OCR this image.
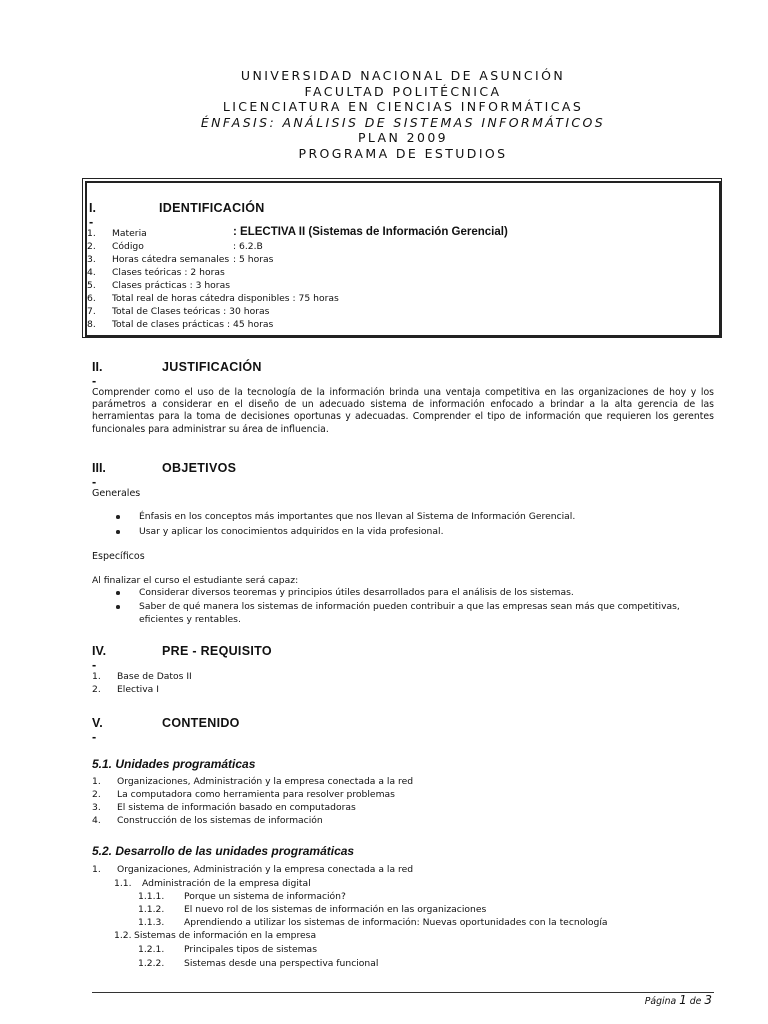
UNIVERSIDAD NACIONAL DE ASUNCIÓN
FACULTAD POLITÉCNICA
LICENCIATURA EN CIENCIAS INFORMÁTICAS
ÉNFASIS: ANÁLISIS DE SISTEMAS INFORMÁTICOS
PLAN 2009
PROGRAMA DE ESTUDIOS
I. -
IDENTIFICACIÓN
1. Materia	: ELECTIVA II (Sistemas de Información Gerencial)
2. Código	: 6.2.B
3. Horas cátedra semanales : 5 horas
4. Clases teóricas : 2 horas
5. Clases prácticas : 3 horas
6. Total real de horas cátedra disponibles : 75 horas
7. Total de Clases teóricas : 30 horas
8. Total de clases prácticas : 45 horas
II. -
JUSTIFICACIÓN
Comprender como el uso de la tecnología de la información brinda una ventaja competitiva en las organizaciones de hoy y los parámetros a considerar en el diseño de un adecuado sistema de información enfocado a brindar a la alta gerencia de las herramientas para la toma de decisiones oportunas y adecuadas. Comprender el tipo de información que requieren los gerentes funcionales para administrar su área de influencia.
III. -
OBJETIVOS
Generales
Énfasis en los conceptos más importantes que nos llevan al Sistema de Información Gerencial.
Usar y aplicar los conocimientos adquiridos en la vida profesional.
Específicos
Al finalizar el curso el estudiante será capaz:
Considerar diversos teoremas y principios útiles desarrollados para el análisis de los sistemas.
Saber de qué manera los sistemas de información pueden contribuir a que las empresas sean más que competitivas,
eficientes y rentables.
IV. -
PRE - REQUISITO
1. Base de Datos II
2. Electiva I
V. -
CONTENIDO
5.1. Unidades programáticas
1. Organizaciones, Administración y la empresa conectada a la red
2. La computadora como herramienta para resolver problemas
3. El sistema de información basado en computadoras
4. Construcción de los sistemas de información
5.2. Desarrollo de las unidades programáticas
1. Organizaciones, Administración y la empresa conectada a la red
1.1. Administración de la empresa digital
1.1.1. Porque un sistema de información?
1.1.2. El nuevo rol de los sistemas de información en las organizaciones
1.1.3. Aprendiendo a utilizar los sistemas de información: Nuevas oportunidades con la tecnología
1.2. Sistemas de información en la empresa
1.2.1. Principales tipos de sistemas
1.2.2. Sistemas desde una perspectiva funcional
Página 1 de 3
